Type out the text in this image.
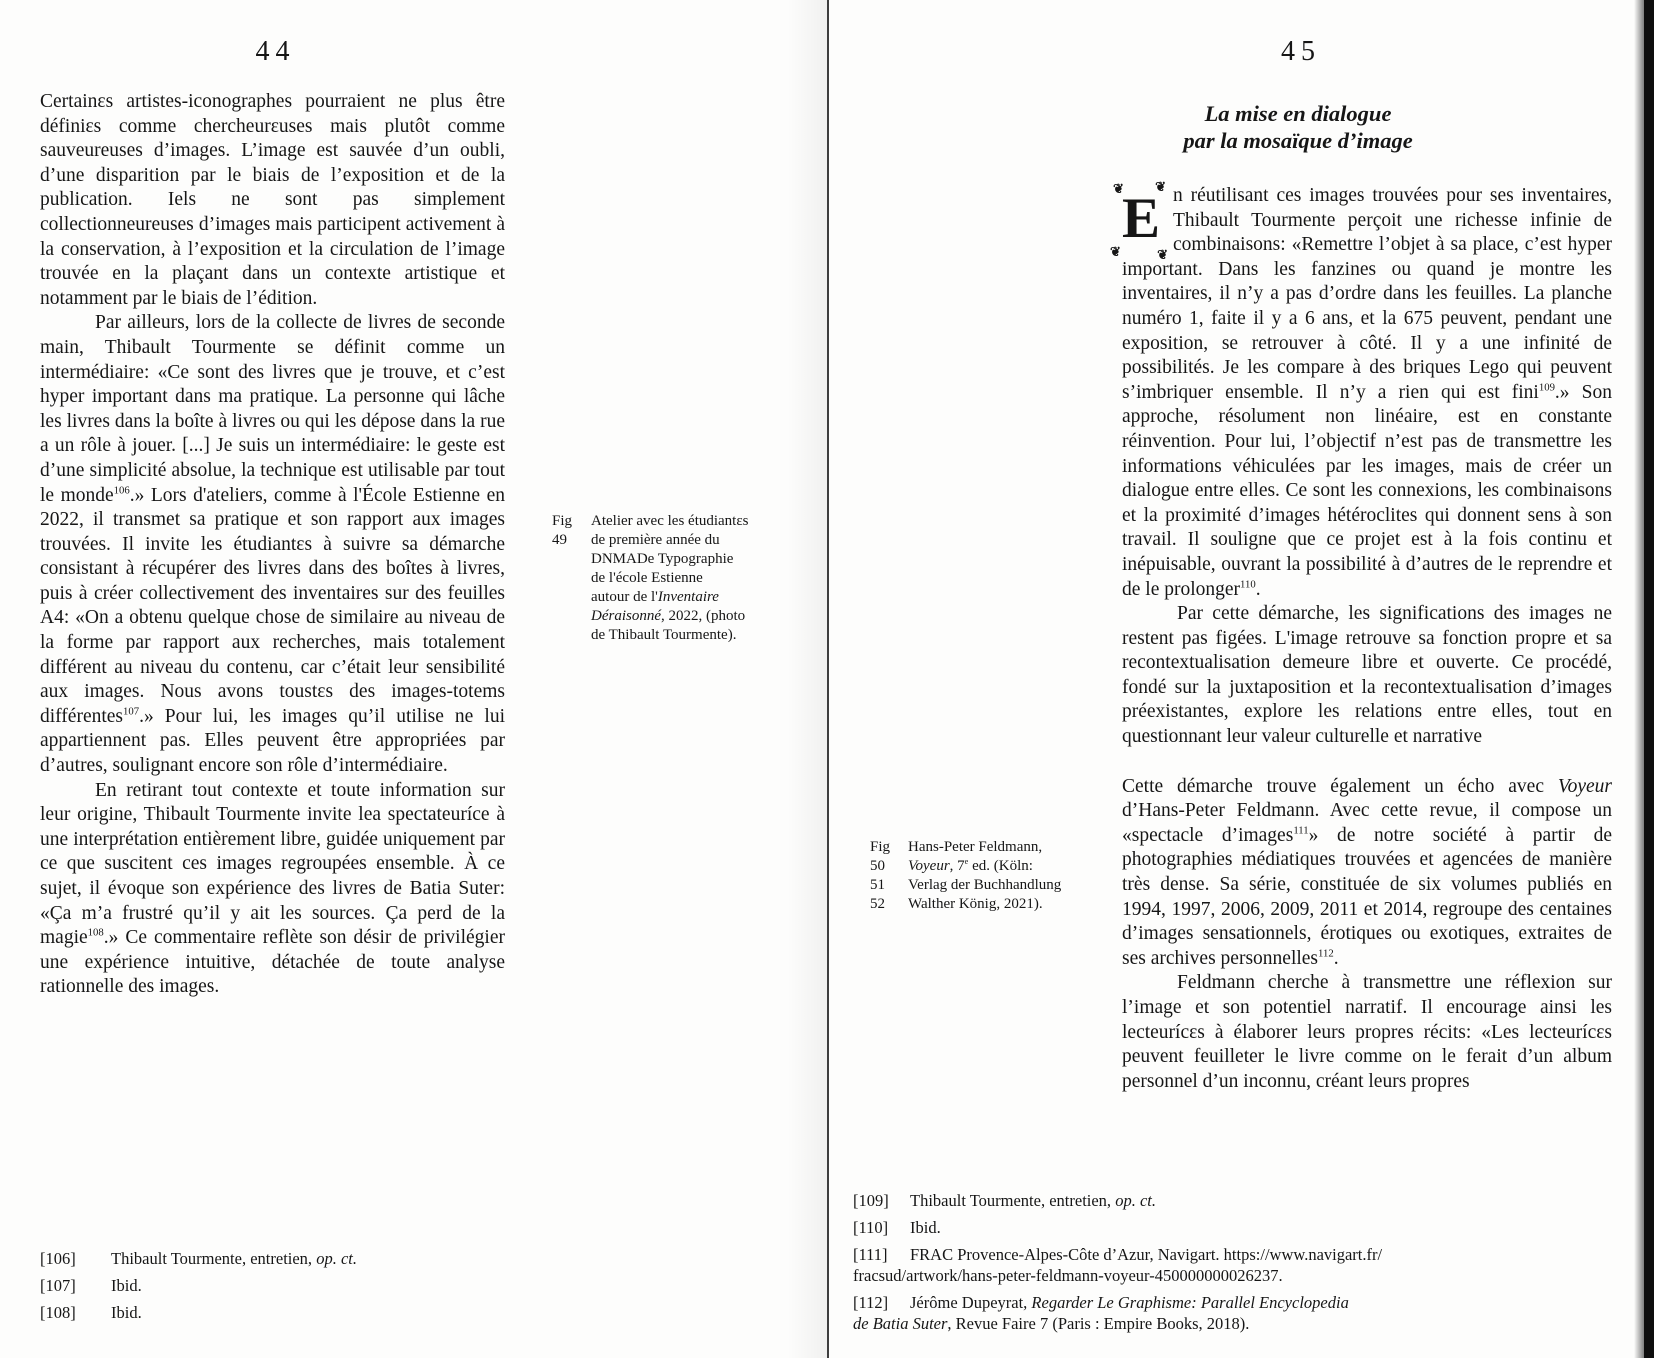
44

Certainɛs artistes-iconographes pourraient ne plus être définiɛs comme chercheurɛuses mais plutôt comme sauveureuses d’images. L’image est sauvée d’un oubli, d’une disparition par le biais de l’exposition et de la publication. Iels ne sont pas simplement collectionneureuses d’images mais participent activement à la conservation, à l’exposition et la circulation de l’image trouvée en la plaçant dans un contexte artistique et notamment par le biais de l’édition.

Par ailleurs, lors de la collecte de livres de seconde main, Thibault Tourmente se définit comme un intermédiaire: «Ce sont des livres que je trouve, et c’est hyper important dans ma pratique. La personne qui lâche les livres dans la boîte à livres ou qui les dépose dans la rue a un rôle à jouer. [...] Je suis un intermédiaire: le geste est d’une simplicité absolue, la technique est utilisable par tout le monde$^{106}$.» Lors d'ateliers, comme à l'École Estienne en 2022, il transmet sa pratique et son rapport aux images trouvées. Il invite les étudiantɛs à suivre sa démarche consistant à récupérer des livres dans des boîtes à livres, puis à créer collectivement des inventaires sur des feuilles A4: «On a obtenu quelque chose de similaire au niveau de la forme par rapport aux recherches, mais totalement différent au niveau du contenu, car c’était leur sensibilité aux images. Nous avons toustɛs des images-totems différentes$^{107}$.» Pour lui, les images qu’il utilise ne lui appartiennent pas. Elles peuvent être appropriées par d’autres, soulignant encore son rôle d’intermédiaire.

En retirant tout contexte et toute information sur leur origine, Thibault Tourmente invite lea spectateuríce à une interprétation entièrement libre, guidée uniquement par ce que suscitent ces images regroupées ensemble. À ce sujet, il évoque son expérience des livres de Batia Suter: «Ça m’a frustré qu’il y ait les sources. Ça perd de la magie$^{108}$.» Ce commentaire reflète son désir de privilégier une expérience intuitive, détachée de toute analyse rationnelle des images.

Fig
49
Atelier avec les étudiantɛs
de première année du
DNMADe Typographie
de l'école Estienne
autour de l'Inventaire
Déraisonné, 2022, (photo
de Thibault Tourmente).
[106] Thibault Tourmente, entretien, op. ct.
[107] Ibid.
[108] Ibid.
45
La mise en dialogue
par la mosaïque d’image

❦ ❦
❦	❦
E n réutilisant ces images trouvées pour ses inventaires, Thibault Tourmente perçoit une richesse infinie de combinaisons: «Remettre l’objet à sa place, c’est hyper important. Dans les fanzines ou quand je montre les inventaires, il n’y a pas d’ordre dans les feuilles. La planche numéro 1, faite il y a 6 ans, et la 675 peuvent, pendant une exposition, se retrouver à côté. Il y a une infinité de possibilités. Je les compare à des briques Lego qui peuvent s’imbriquer ensemble. Il n’y a rien qui est fini$^{109}$.» Son approche, résolument non linéaire, est en constante réinvention. Pour lui, l’objectif n’est pas de transmettre les informations véhiculées par les images, mais de créer un dialogue entre elles. Ce sont les connexions, les combinaisons et la proximité d’images hétéroclites qui donnent sens à son travail. Il souligne que ce projet est à la fois continu et inépuisable, ouvrant la possibilité à d’autres de le reprendre et de le prolonger$^{110}$.

Par cette démarche, les significations des images ne restent pas figées. L'image retrouve sa fonction propre et sa recontextualisation demeure libre et ouverte. Ce procédé, fondé sur la juxtaposition et la recontextualisation d’images préexistantes, explore les relations entre elles, tout en questionnant leur valeur culturelle et narrative

Cette démarche trouve également un écho avec Voyeur d’Hans-Peter Feldmann. Avec cette revue, il compose un «spectacle d’images$^{111}$» de notre société à partir de photographies médiatiques trouvées et agencées de manière très dense. Sa série, constituée de six volumes publiés en 1994, 1997, 2006, 2009, 2011 et 2014, regroupe des centaines d’images sensationnels, érotiques ou exotiques, extraites de ses archives personnelles$^{112}$.

Feldmann cherche à transmettre une réflexion sur l’image et son potentiel narratif. Il encourage ainsi les lecteurícɛs à élaborer leurs propres récits: «Les lecteurícɛs peuvent feuilleter le livre comme on le ferait d’un album personnel d’un inconnu, créant leurs propres

Fig
50
51
52
Hans-Peter Feldmann,
Voyeur, 7e ed. (Köln:
Verlag der Buchhandlung
Walther König, 2021).
[109] Thibault Tourmente, entretien, op. ct.
[110] Ibid.
[111] FRAC Provence-Alpes-Côte d’Azur, Navigart. https://www.navigart.fr/
fracsud/artwork/hans-peter-feldmann-voyeur-450000000026237.
[112] Jérôme Dupeyrat, Regarder Le Graphisme: Parallel Encyclopedia
de Batia Suter, Revue Faire 7 (Paris : Empire Books, 2018).
